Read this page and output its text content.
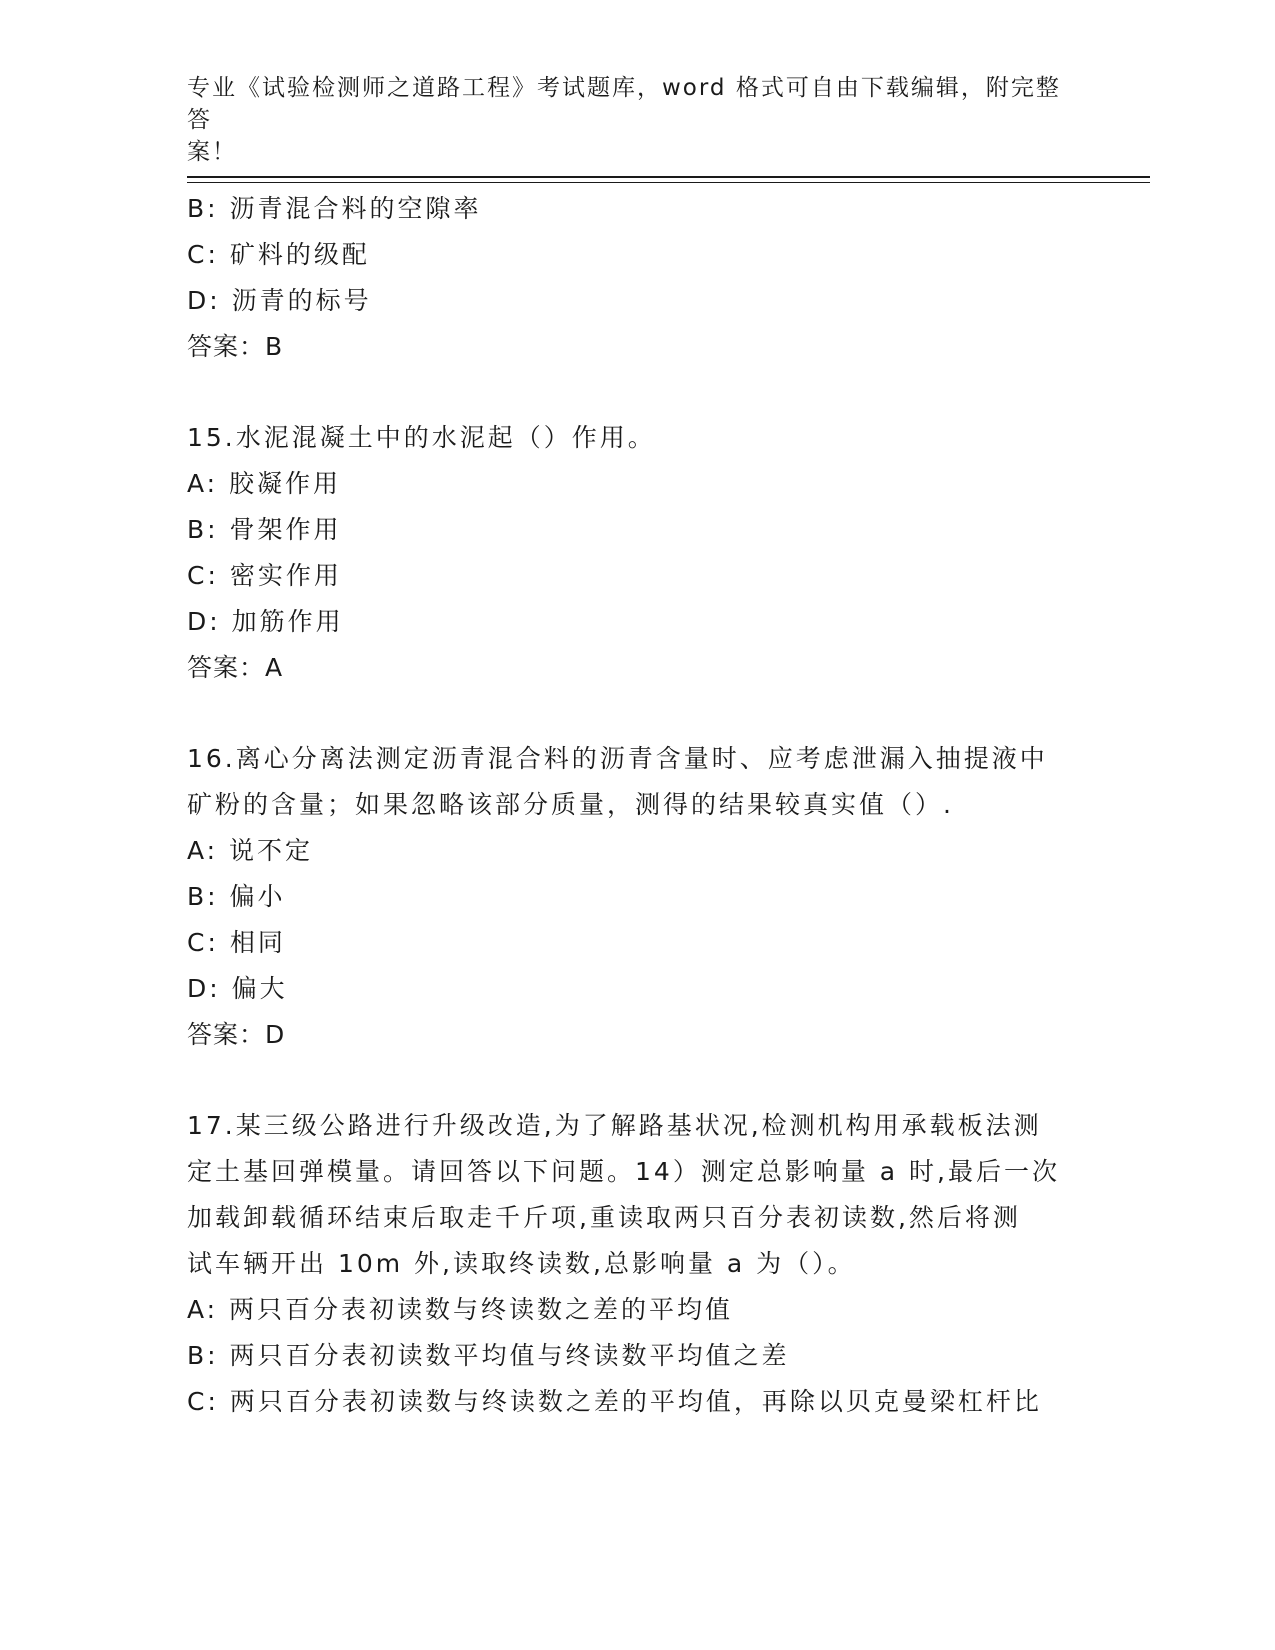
专业《试验检测师之道路工程》考试题库，word 格式可自由下载编辑，附完整答
案！
B: 沥青混合料的空隙率
C: 矿料的级配
D: 沥青的标号
答案：B
15.水泥混凝土中的水泥起（）作用。
A: 胶凝作用
B: 骨架作用
C: 密实作用
D: 加筋作用
答案：A
16.离心分离法测定沥青混合料的沥青含量时、应考虑泄漏入抽提液中
矿粉的含量；如果忽略该部分质量，测得的结果较真实值（）.
A: 说不定
B: 偏小
C: 相同
D: 偏大
答案：D
17.某三级公路进行升级改造,为了解路基状况,检测机构用承载板法测
定土基回弹模量。请回答以下问题。14）测定总影响量 a 时,最后一次
加载卸载循环结束后取走千斤项,重读取两只百分表初读数,然后将测
试车辆开出 10m 外,读取终读数,总影响量 a 为（）。
A: 两只百分表初读数与终读数之差的平均值
B: 两只百分表初读数平均值与终读数平均值之差
C: 两只百分表初读数与终读数之差的平均值，再除以贝克曼梁杠杆比
